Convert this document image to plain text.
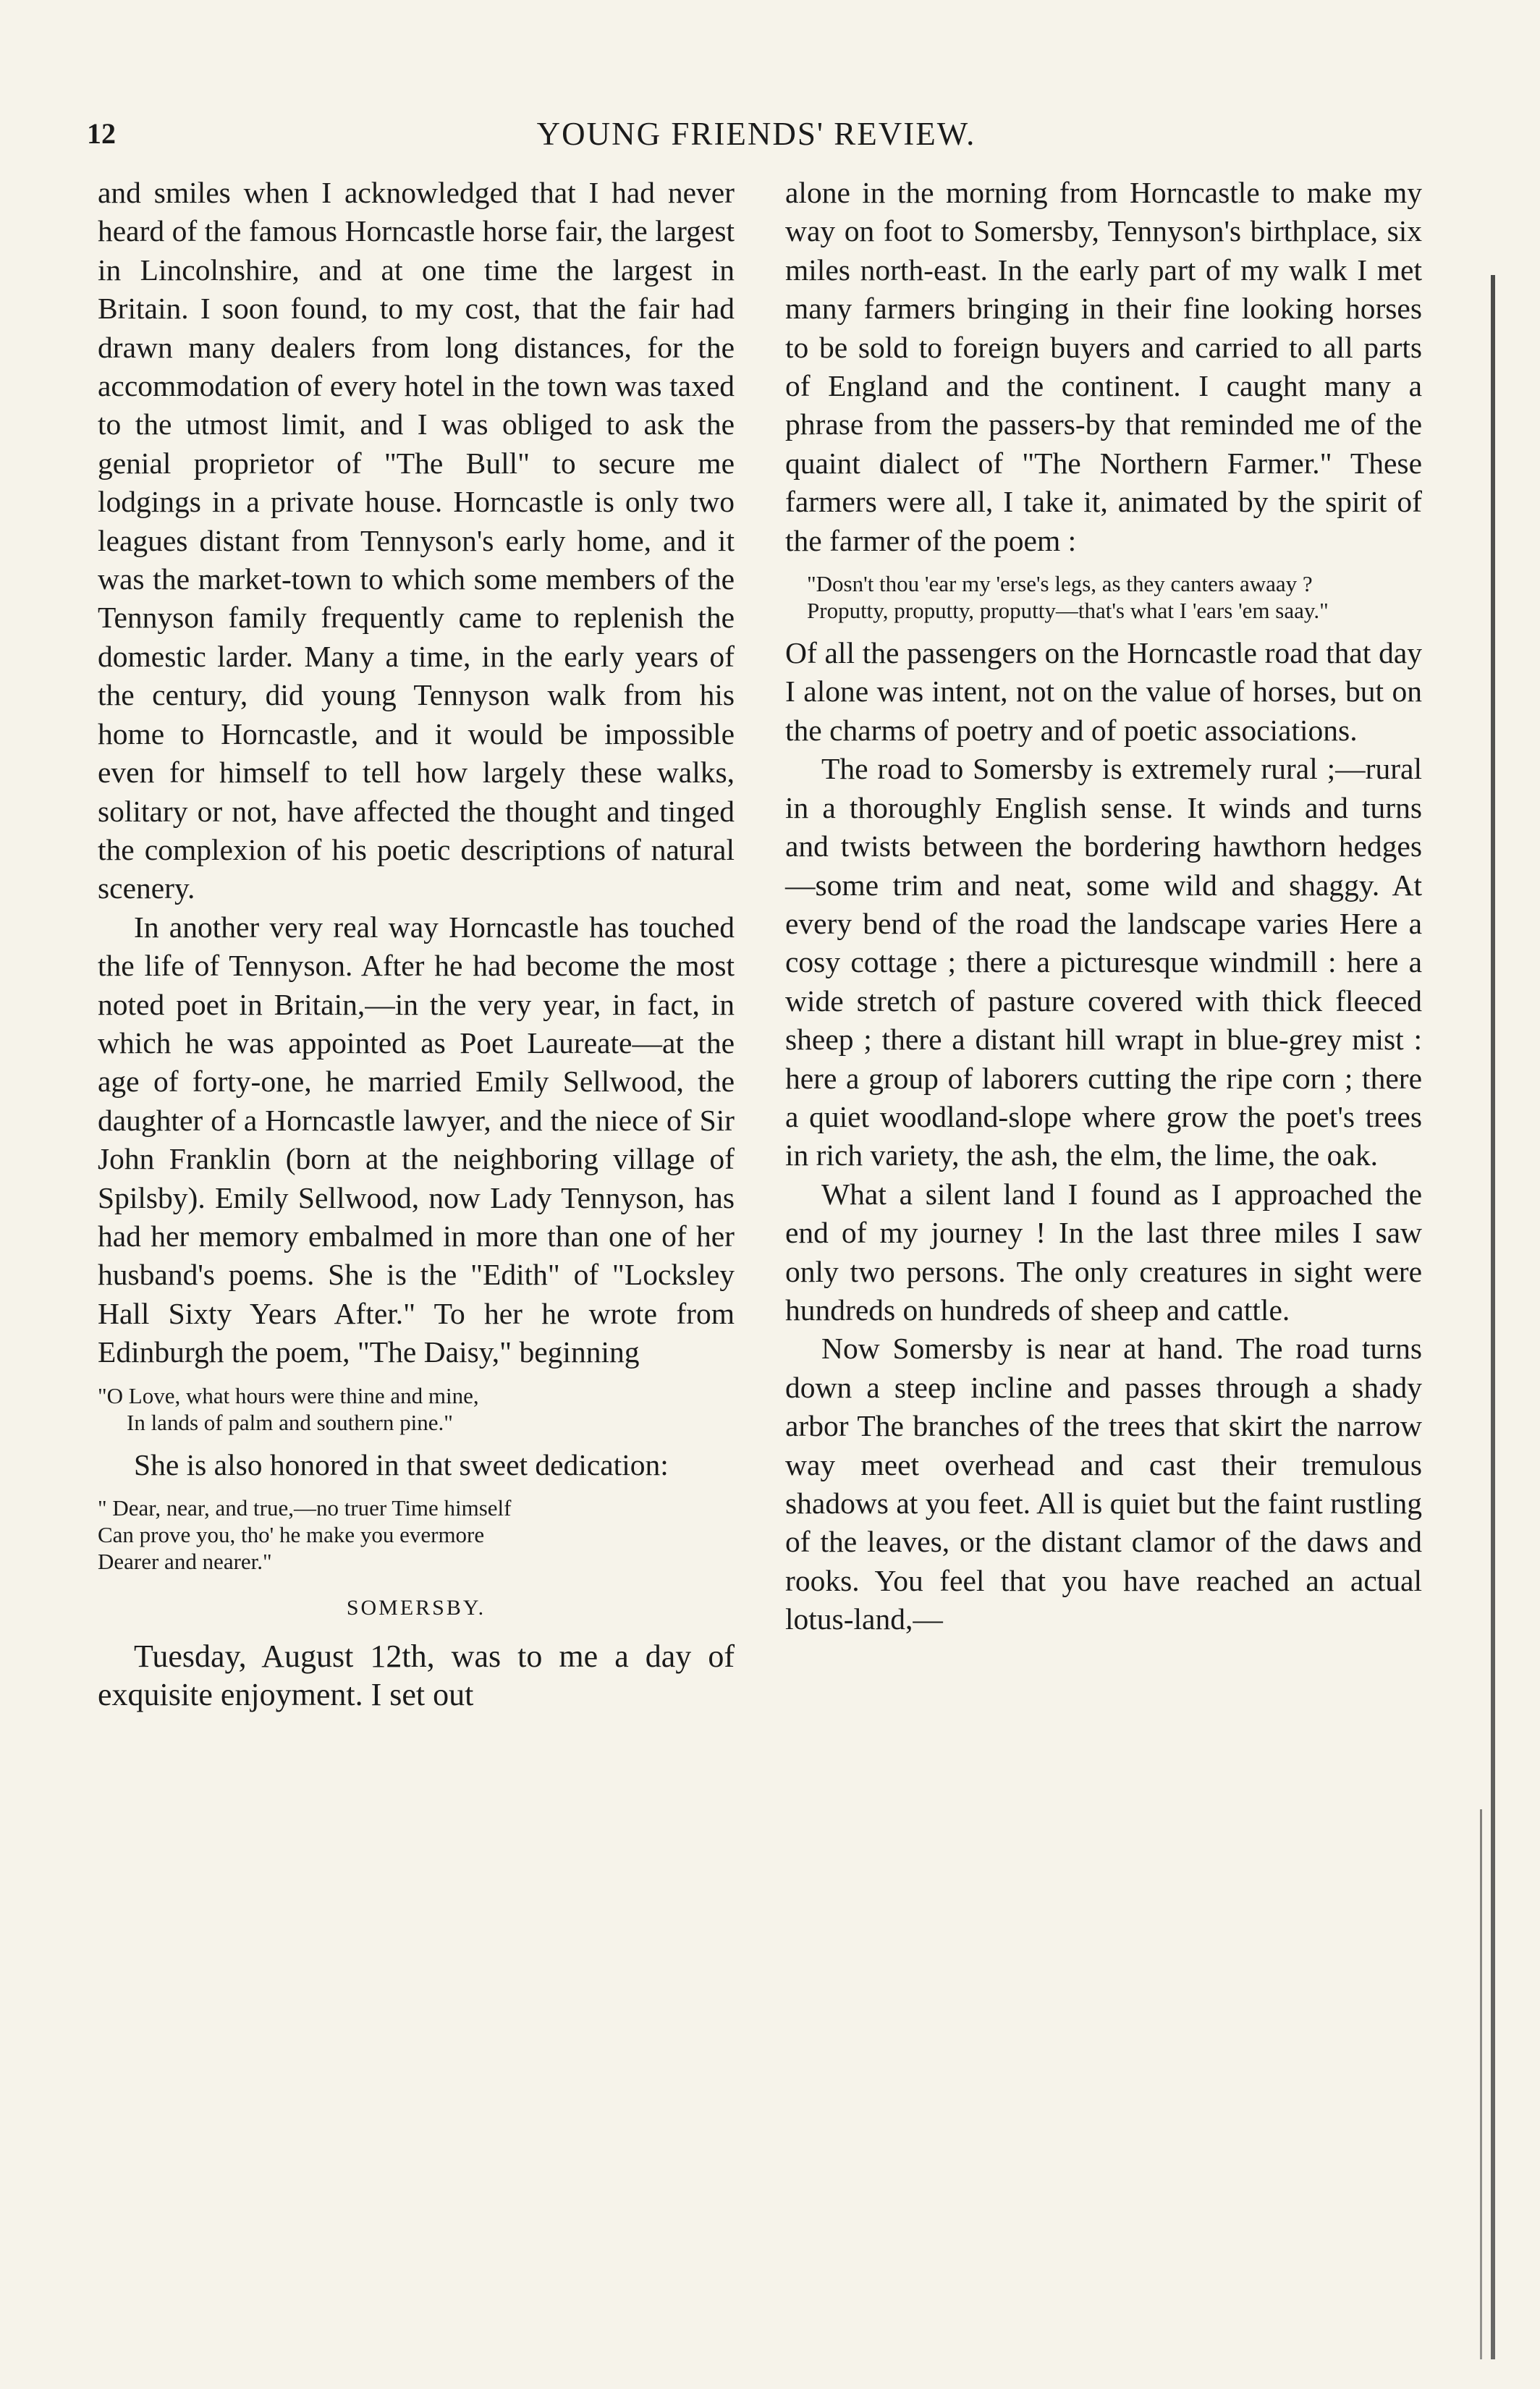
12	YOUNG FRIENDS' REVIEW.

and smiles when I acknowledged that I had never heard of the famous Horncastle horse fair, the largest in Lincolnshire, and at one time the largest in Britain. I soon found, to my cost, that the fair had drawn many dealers from long distances, for the accommodation of every hotel in the town was taxed to the utmost limit, and I was obliged to ask the genial proprietor of "The Bull" to secure me lodgings in a private house. Horncastle is only two leagues distant from Tennyson's early home, and it was the market-town to which some members of the Tennyson family frequently came to replenish the domestic larder. Many a time, in the early years of the century, did young Tennyson walk from his home to Horncastle, and it would be impossible even for himself to tell how largely these walks, solitary or not, have affected the thought and tinged the complexion of his poetic descriptions of natural scenery.

In another very real way Horncastle has touched the life of Tennyson. After he had become the most noted poet in Britain,—in the very year, in fact, in which he was appointed as Poet Laureate—at the age of forty-one, he married Emily Sellwood, the daughter of a Horncastle lawyer, and the niece of Sir John Franklin (born at the neighboring village of Spilsby). Emily Sellwood, now Lady Tennyson, has had her memory embalmed in more than one of her husband's poems. She is the "Edith" of "Locksley Hall Sixty Years After." To her he wrote from Edinburgh the poem, "The Daisy," beginning

"O Love, what hours were thine and mine,
In lands of palm and southern pine."

She is also honored in that sweet dedication:

" Dear, near, and true,—no truer Time himself
Can prove you, tho' he make you evermore
Dearer and nearer."
SOMERSBY.

Tuesday, August 12th, was to me a day of exquisite enjoyment. I set out

alone in the morning from Horncastle to make my way on foot to Somersby, Tennyson's birthplace, six miles north-east. In the early part of my walk I met many farmers bringing in their fine looking horses to be sold to foreign buyers and carried to all parts of England and the continent. I caught many a phrase from the passers-by that reminded me of the quaint dialect of "The Northern Farmer." These farmers were all, I take it, animated by the spirit of the farmer of the poem :

"Dosn't thou 'ear my 'erse's legs, as they canters awaay ?
Proputty, proputty, proputty—that's what I 'ears 'em saay."

Of all the passengers on the Horncastle road that day I alone was intent, not on the value of horses, but on the charms of poetry and of poetic associations.

The road to Somersby is extremely rural ;—rural in a thoroughly English sense. It winds and turns and twists between the bordering hawthorn hedges —some trim and neat, some wild and shaggy. At every bend of the road the landscape varies Here a cosy cottage ; there a picturesque windmill : here a wide stretch of pasture covered with thick fleeced sheep ; there a distant hill wrapt in blue-grey mist : here a group of laborers cutting the ripe corn ; there a quiet woodland-slope where grow the poet's trees in rich variety, the ash, the elm, the lime, the oak.

What a silent land I found as I approached the end of my journey ! In the last three miles I saw only two persons. The only creatures in sight were hundreds on hundreds of sheep and cattle.

Now Somersby is near at hand. The road turns down a steep incline and passes through a shady arbor The branches of the trees that skirt the narrow way meet overhead and cast their tremulous shadows at you feet. All is quiet but the faint rustling of the leaves, or the distant clamor of the daws and rooks. You feel that you have reached an actual lotus-land,—
